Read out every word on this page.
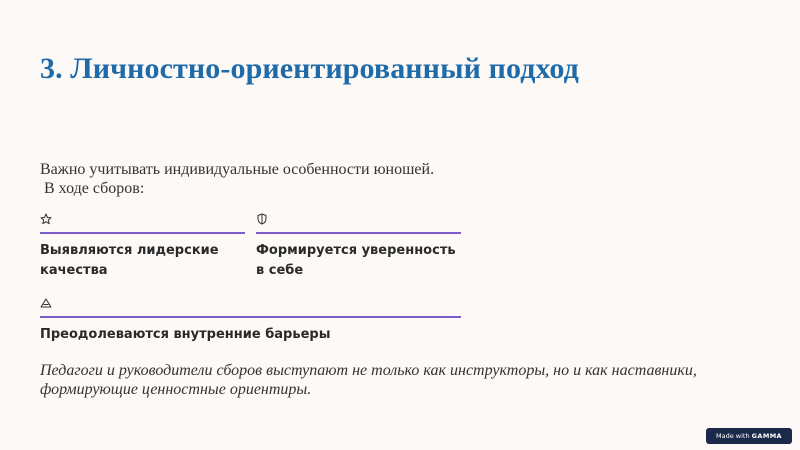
3. Личностно-ориентированный подход
Важно учитывать индивидуальные особенности юношей.
В ходе сборов:
Выявляются лидерские качества
Формируется уверенность в себе
Преодолеваются внутренние барьеры

Педагоги и руководители сборов выступают не только как инструкторы, но и как наставники, формирующие ценностные ориентиры.

Made with GAMMA
